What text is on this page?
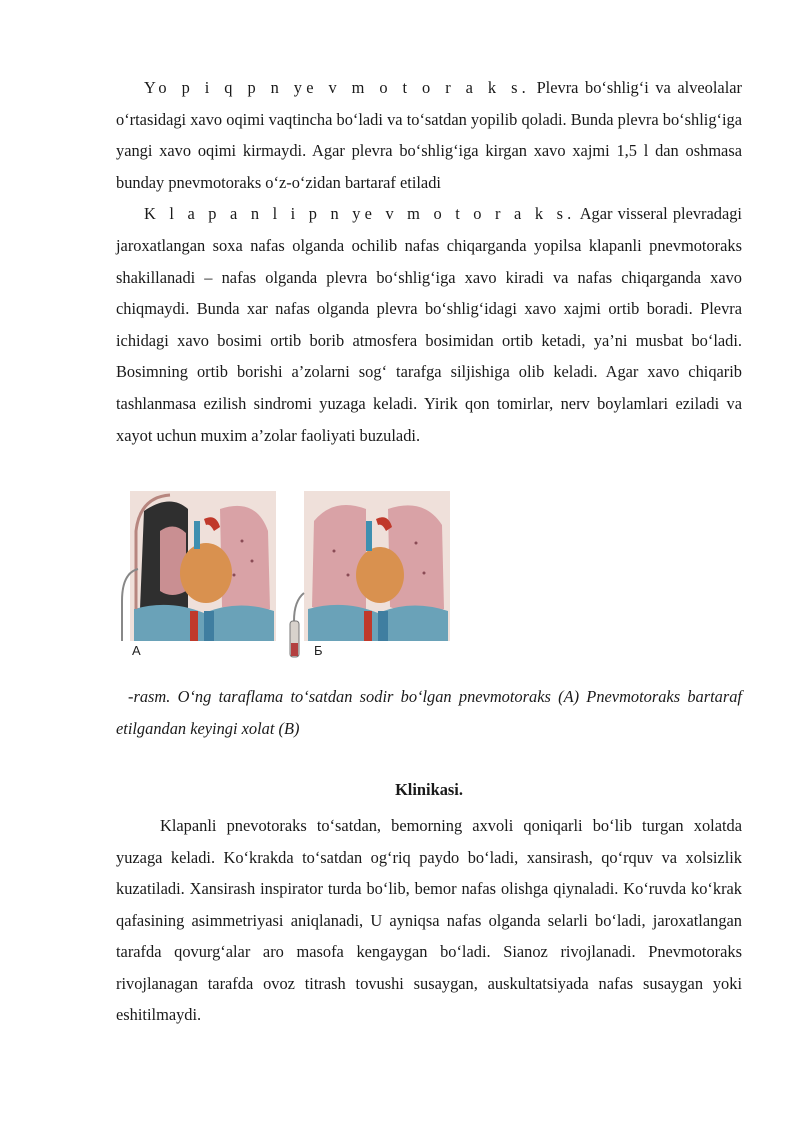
Yo p i q p n ye v m o t o r a k s. Plevra bo‘shlig‘i va alveolalar o‘rtasidagi xavo oqimi vaqtincha bo‘ladi va to‘satdan yopilib qoladi. Bunda plevra bo‘shlig‘iga yangi xavo oqimi kirmaydi. Agar plevra bo‘shlig‘iga kirgan xavo xajmi 1,5 l dan oshmasa bunday pnevmotoraks o‘z-o‘zidan bartaraf etiladi

K l a p a n l i p n ye v m o t o r a k s. Agar visseral plevradagi jaroxatlangan soxa nafas olganda ochilib nafas chiqarganda yopilsa klapanli pnevmotoraks shakillanadi – nafas olganda plevra bo‘shlig‘iga xavo kiradi va nafas chiqarganda xavo chiqmaydi. Bunda xar nafas olganda plevra bo‘shlig‘idagi xavo xajmi ortib boradi. Plevra ichidagi xavo bosimi ortib borib atmosfera bosimidan ortib ketadi, ya’ni musbat bo‘ladi. Bosimning ortib borishi a’zolarni sog‘ tarafga siljishiga olib keladi. Agar xavo chiqarib tashlanmasa ezilish sindromi yuzaga keladi. Yirik qon tomirlar, nerv boylamlari eziladi va xayot uchun muxim a’zolar faoliyati buzuladi.

А	Б

-rasm. O‘ng taraflama to‘satdan sodir bo‘lgan pnevmotoraks (A) Pnevmotoraks bartaraf etilgandan keyingi xolat (B)

Klinikasi.

Klapanli pnevotoraks to‘satdan, bemorning axvoli qoniqarli bo‘lib turgan xolatda yuzaga keladi. Ko‘krakda to‘satdan og‘riq paydo bo‘ladi, xansirash, qo‘rquv va xolsizlik kuzatiladi. Xansirash inspirator turda bo‘lib, bemor nafas olishga qiynaladi. Ko‘ruvda ko‘krak qafasining asimmetriyasi aniqlanadi, U ayniqsa nafas olganda selarli bo‘ladi, jaroxatlangan tarafda qovurg‘alar aro masofa kengaygan bo‘ladi. Sianoz rivojlanadi. Pnevmotoraks rivojlanagan tarafda ovoz titrash tovushi susaygan, auskultatsiyada nafas susaygan yoki eshitilmaydi.
